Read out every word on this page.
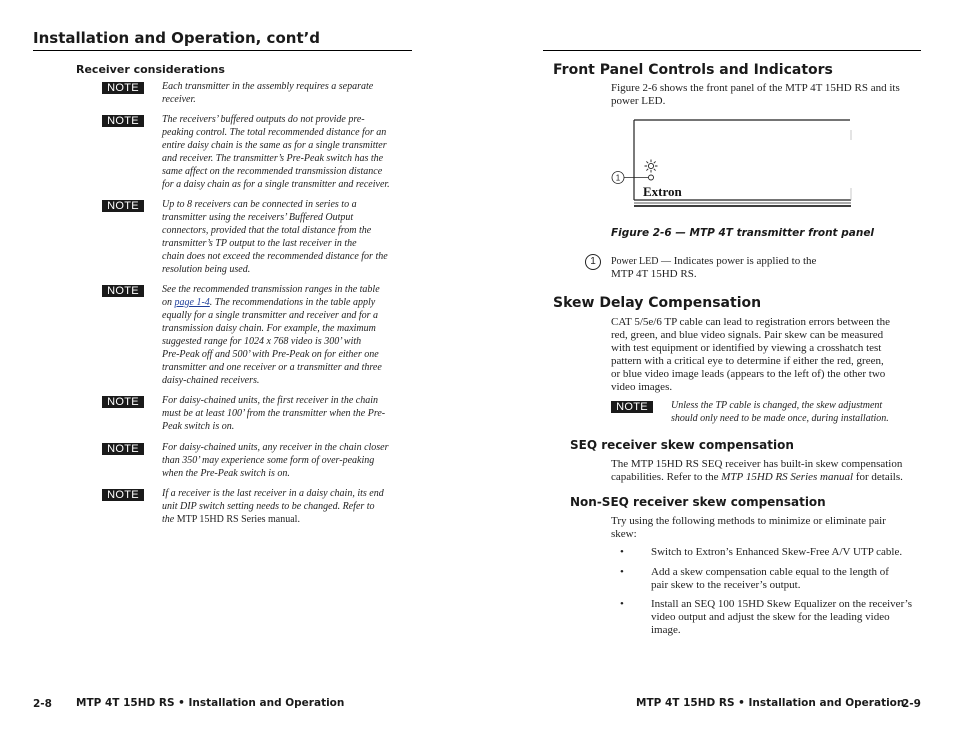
Installation and Operation, cont’d
Receiver considerations
NOTE	Each transmitter in the assembly requires a separate
receiver.
NOTE	The receivers’ buffered outputs do not provide pre-
peaking control. The total recommended distance for an
entire daisy chain is the same as for a single transmitter
and receiver. The transmitter’s Pre-Peak switch has the
same affect on the recommended transmission distance
for a daisy chain as for a single transmitter and receiver.
NOTE	Up to 8 receivers can be connected in series to a
transmitter using the receivers’ Buffered Output
connectors, provided that the total distance from the
transmitter’s TP output to the last receiver in the
chain does not exceed the recommended distance for the
resolution being used.
NOTE	See the recommended transmission ranges in the table
on page 1-4. The recommendations in the table apply
equally for a single transmitter and receiver and for a
transmission daisy chain. For example, the maximum
suggested range for 1024 x 768 video is 300’ with
Pre-Peak off and 500’ with Pre-Peak on for either one
transmitter and one receiver or a transmitter and three
daisy-chained receivers.
NOTE	For daisy-chained units, the first receiver in the chain
must be at least 100’ from the transmitter when the Pre-
Peak switch is on.
NOTE	For daisy-chained units, any receiver in the chain closer
than 350’ may experience some form of over-peaking
when the Pre-Peak switch is on.
NOTE	If a receiver is the last receiver in a daisy chain, its end
unit DIP switch setting needs to be changed. Refer to
the MTP 15HD RS Series manual.
2-8 MTP 4T 15HD RS • Installation and Operation
Front Panel Controls and Indicators
Figure 2-6 shows the front panel of the MTP 4T 15HD RS and its
power LED.
1
Extron
Figure 2-6 — MTP 4T transmitter front panel
1	Power LED — Indicates power is applied to the
MTP 4T 15HD RS.
Skew Delay Compensation
CAT 5/5e/6 TP cable can lead to registration errors between the
red, green, and blue video signals. Pair skew can be measured
with test equipment or identified by viewing a crosshatch test
pattern with a critical eye to determine if either the red, green,
or blue video image leads (appears to the left of) the other two
video images.
NOTE	Unless the TP cable is changed, the skew adjustment
should only need to be made once, during installation.
SEQ receiver skew compensation
The MTP 15HD RS SEQ receiver has built-in skew compensation
capabilities. Refer to the MTP 15HD RS Series manual for details.
Non-SEQ receiver skew compensation
Try using the following methods to minimize or eliminate pair
skew:
•	Switch to Extron’s Enhanced Skew-Free A/V UTP cable.
•	Add a skew compensation cable equal to the length of
pair skew to the receiver’s output.
•	Install an SEQ 100 15HD Skew Equalizer on the receiver’s
video output and adjust the skew for the leading video
image.
MTP 4T 15HD RS • Installation and Operation
2-9
